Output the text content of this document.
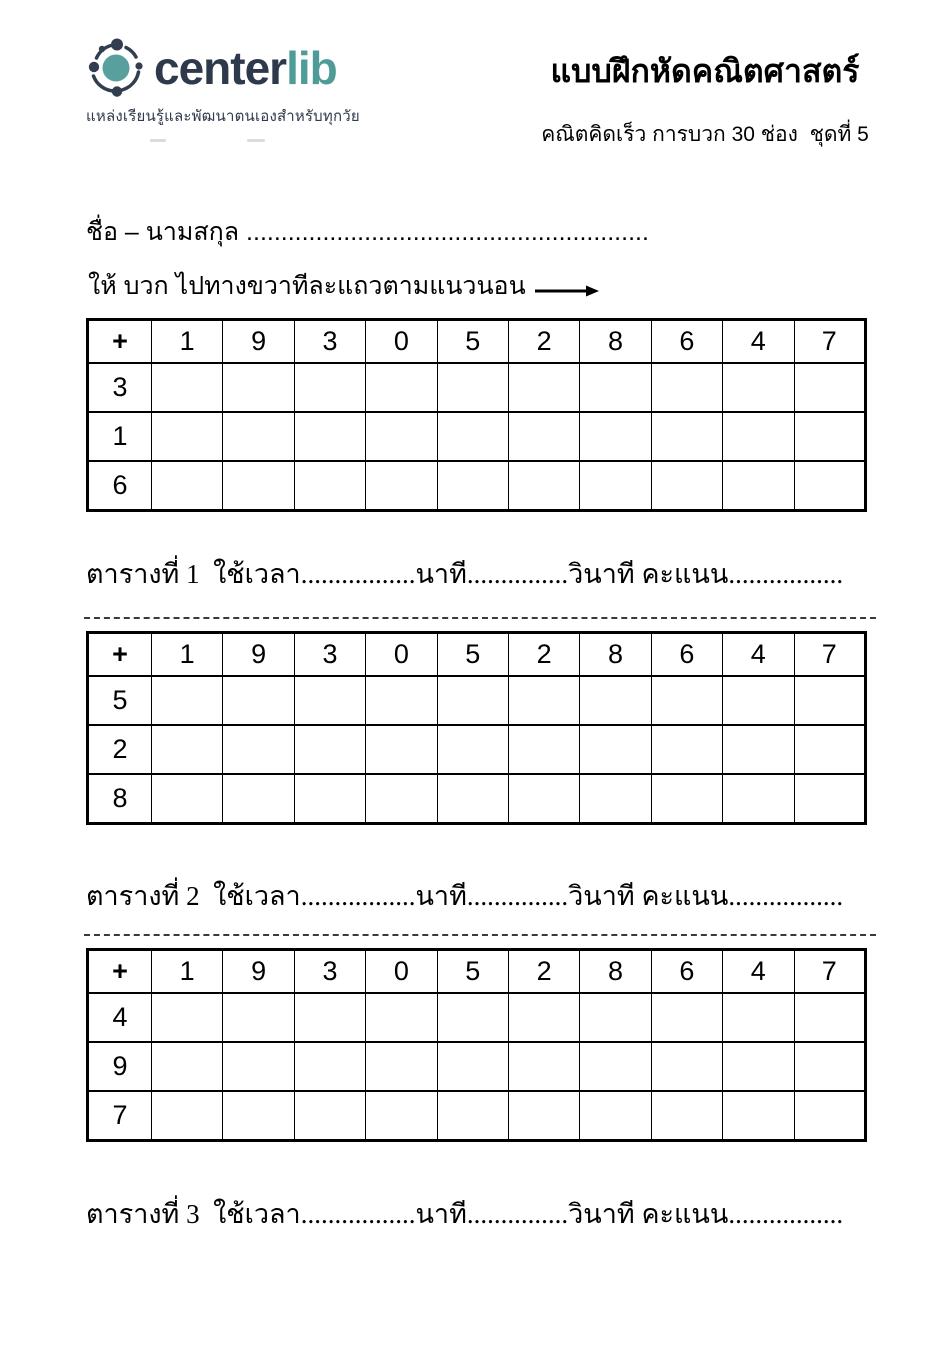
centerlib
แหล่งเรียนรู้และพัฒนาตนเองสำหรับทุกวัย
แบบฝึกหัดคณิตศาสตร์
คณิตคิดเร็ว การบวก 30 ช่อง  ชุดที่ 5
ชื่อ – นามสกุล ..........................................................
ให้ บวก ไปทางขวาทีละแถวตามแนวนอน
+	1	9	3	0	5	2	8	6	4	7
3										
1										
6										
ตารางที่ 1  ใช้เวลา.................นาที...............วินาที คะแนน.................
+	1	9	3	0	5	2	8	6	4	7
5										
2										
8										
ตารางที่ 2  ใช้เวลา.................นาที...............วินาที คะแนน.................
+	1	9	3	0	5	2	8	6	4	7
4										
9										
7										
ตารางที่ 3  ใช้เวลา.................นาที...............วินาที คะแนน.................
